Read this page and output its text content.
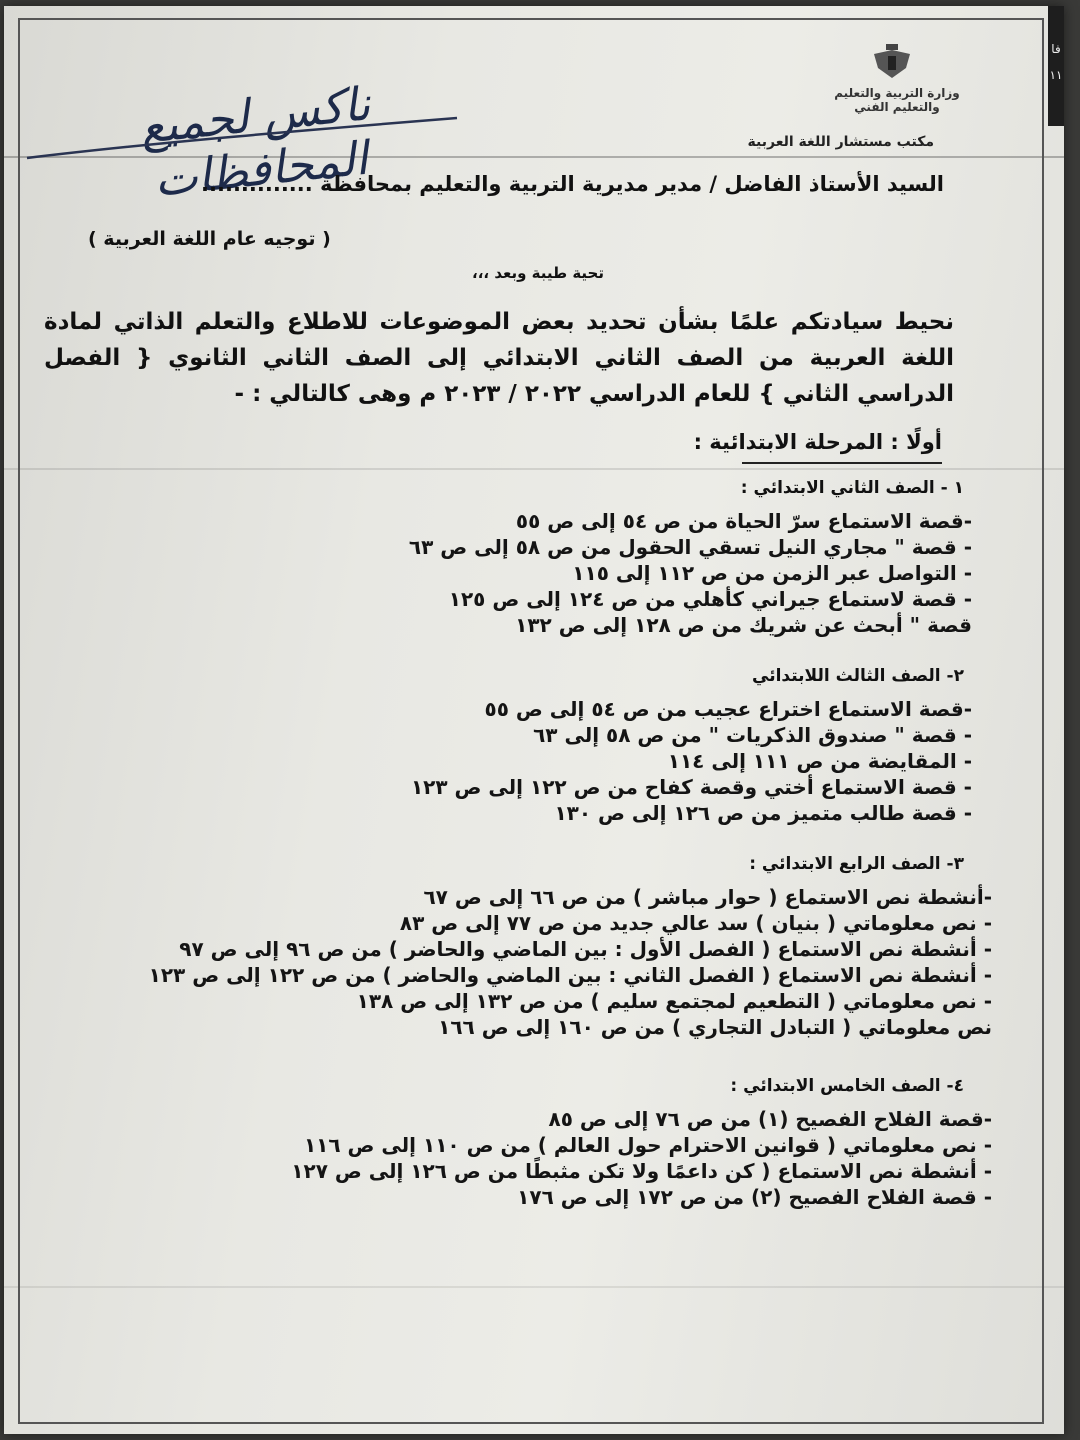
ناكس لجميع المحافظات
وزارة التربية والتعليم
والتعليم الفني
مكتب مستشار اللغة العربية
السيد الأستاذ الفاضل / مدير مديرية التربية والتعليم بمحافظة ..............
( توجيه عام اللغة العربية )
تحية طيبة وبعد ،،،
نحيط سيادتكم علمًا بشأن تحديد بعض الموضوعات للاطلاع والتعلم الذاتي لمادة اللغة العربية من الصف الثاني الابتدائي إلى الصف الثاني الثانوي { الفصل الدراسي الثاني } للعام الدراسي ٢٠٢٢ / ٢٠٢٣ م وهى كالتالي : -
أولًا : المرحلة الابتدائية :
١ - الصف الثاني الابتدائي :
-قصة الاستماع سرّ الحياة من ص ٥٤ إلى ص ٥٥
- قصة " مجاري النيل تسقي الحقول من ص ٥٨ إلى ص ٦٣
- التواصل عبر الزمن من ص ١١٢ إلى ١١٥
- قصة لاستماع جيراني كأهلي من ص ١٢٤ إلى ص ١٢٥
قصة " أبحث عن شريك من ص ١٢٨ إلى ص ١٣٢
٢- الصف الثالث اللابتدائي
-قصة الاستماع اختراع عجيب من ص ٥٤ إلى ص ٥٥
- قصة " صندوق الذكريات " من ص ٥٨ إلى ٦٣
- المقايضة من ص ١١١ إلى ١١٤
- قصة الاستماع أختي وقصة كفاح من ص ١٢٢ إلى ص ١٢٣
- قصة طالب متميز من ص ١٢٦ إلى ص ١٣٠
٣- الصف الرابع الابتدائي :
-أنشطة نص الاستماع ( حوار مباشر ) من ص ٦٦ إلى ص ٦٧
- نص معلوماتي ( بنيان ) سد عالي جديد من ص ٧٧ إلى ص ٨٣
- أنشطة نص الاستماع ( الفصل الأول : بين الماضي والحاضر ) من ص ٩٦ إلى ص ٩٧
- أنشطة نص الاستماع ( الفصل الثاني : بين الماضي والحاضر ) من ص ١٢٢ إلى ص ١٢٣
- نص معلوماتي ( التطعيم لمجتمع سليم ) من ص ١٣٢ إلى ص ١٣٨
نص معلوماتي ( التبادل التجاري ) من ص ١٦٠ إلى ص ١٦٦
٤- الصف الخامس الابتدائي :
-قصة الفلاح الفصيح (١) من ص ٧٦ إلى ص ٨٥
- نص معلوماتي ( قوانين الاحترام حول العالم ) من ص ١١٠ إلى ص ١١٦
- أنشطة نص الاستماع ( كن داعمًا ولا تكن مثبطًا من ص ١٢٦ إلى ص ١٢٧
- قصة الفلاح الفصيح (٢) من ص ١٧٢ إلى ص ١٧٦
فا ١١
